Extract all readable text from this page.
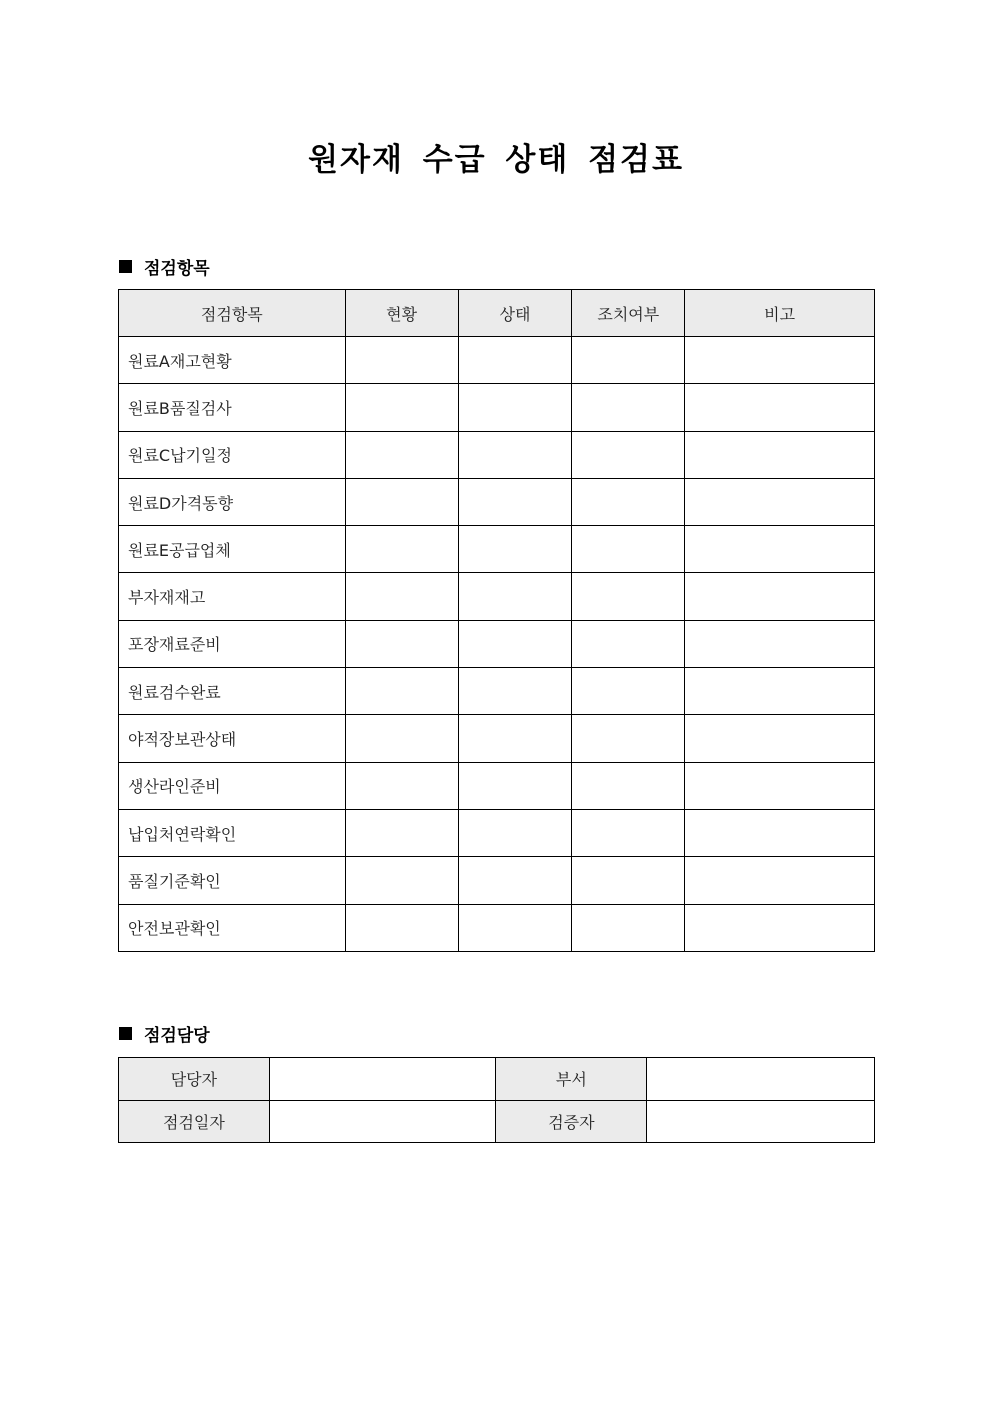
원자재 수급 상태 점검표
점검항목
점검항목	현황	상태	조치여부	비고
원료A재고현황				
원료B품질검사				
원료C납기일정				
원료D가격동향				
원료E공급업체				
부자재재고				
포장재료준비				
원료검수완료				
야적장보관상태				
생산라인준비				
납입처연락확인				
품질기준확인				
안전보관확인				
점검담당
담당자		부서	
점검일자		검증자	
